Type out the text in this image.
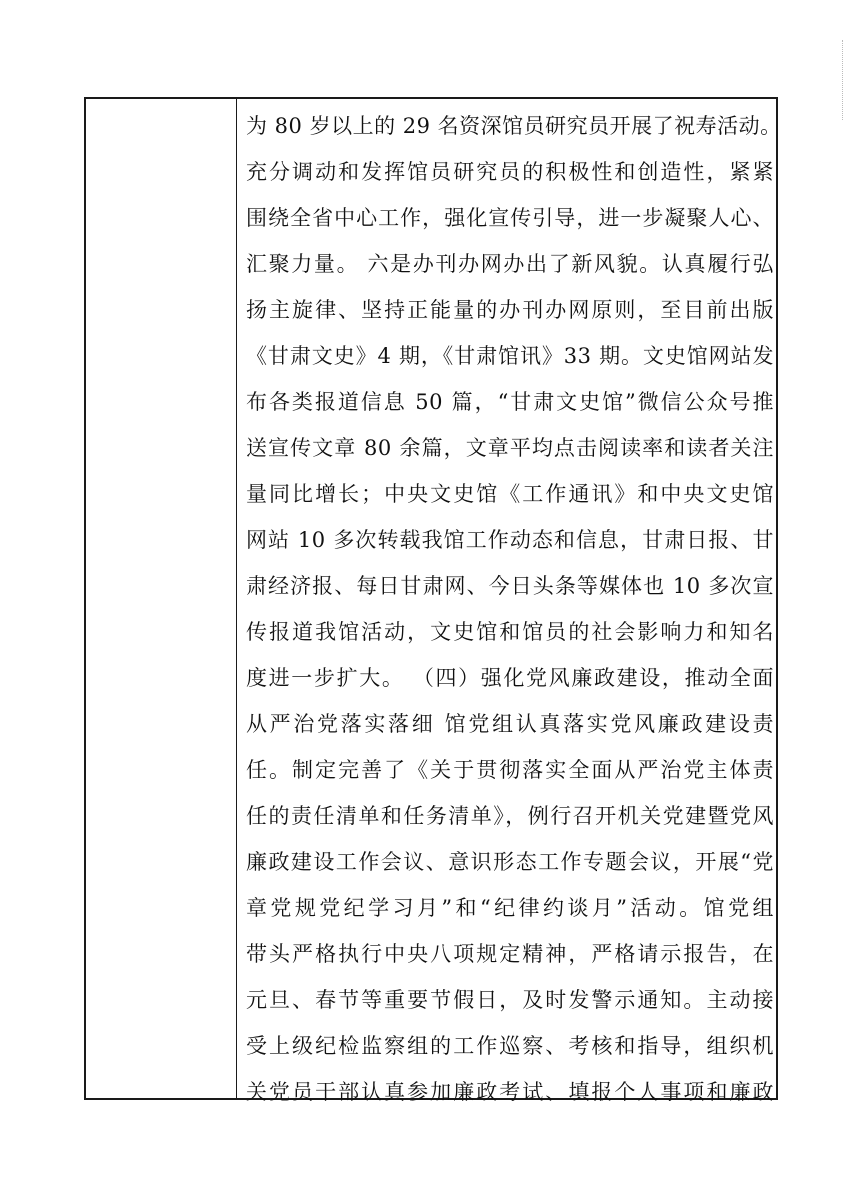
为 80 岁以上的 29 名资深馆员研究员开展了祝寿活动。
充分调动和发挥馆员研究员的积极性和创造性，紧紧
围绕全省中心工作，强化宣传引导，进一步凝聚人心、
汇聚力量。 六是办刊办网办出了新风貌。认真履行弘
扬主旋律、坚持正能量的办刊办网原则，至目前出版
《甘肃文史》4 期，《甘肃馆讯》33 期。文史馆网站发
布各类报道信息 50 篇，“甘肃文史馆”微信公众号推
送宣传文章 80 余篇，文章平均点击阅读率和读者关注
量同比增长；中央文史馆《工作通讯》和中央文史馆
网站 10 多次转载我馆工作动态和信息，甘肃日报、甘
肃经济报、每日甘肃网、今日头条等媒体也 10 多次宣
传报道我馆活动，文史馆和馆员的社会影响力和知名
度进一步扩大。 （四）强化党风廉政建设，推动全面
从严治党落实落细 馆党组认真落实党风廉政建设责
任。制定完善了《关于贯彻落实全面从严治党主体责
任的责任清单和任务清单》，例行召开机关党建暨党风
廉政建设工作会议、意识形态工作专题会议，开展“党
章党规党纪学习月”和“纪律约谈月”活动。馆党组
带头严格执行中央八项规定精神，严格请示报告，在
元旦、春节等重要节假日，及时发警示通知。主动接
受上级纪检监察组的工作巡察、考核和指导，组织机
关党员干部认真参加廉政考试、填报个人事项和廉政
